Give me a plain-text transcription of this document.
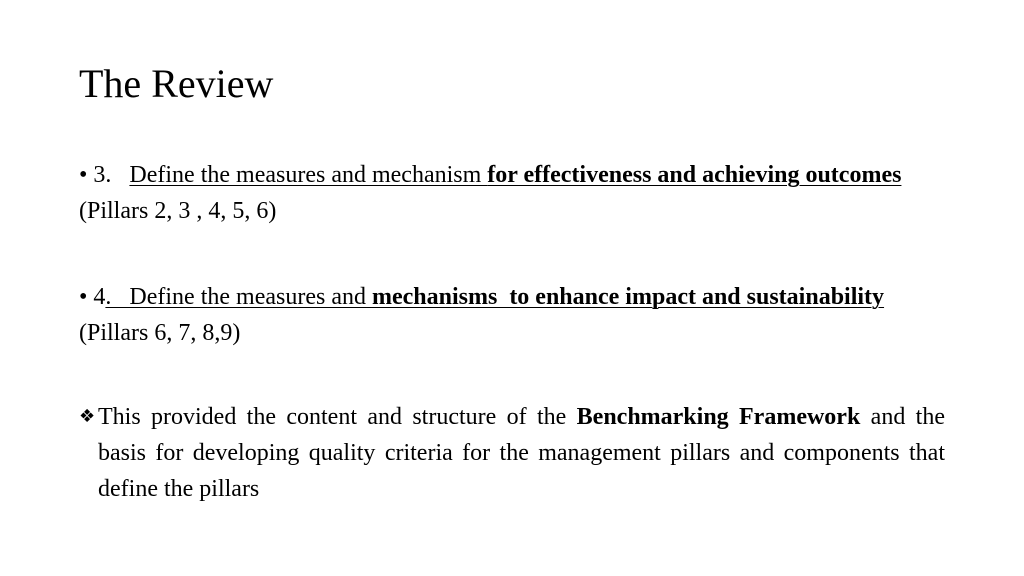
The Review

• 3. Define the measures and mechanism for effectiveness and achieving outcomes (Pillars 2, 3 , 4, 5, 6)

• 4.   Define the measures and mechanisms  to enhance impact and sustainability (Pillars 6, 7, 8,9)

❖ This provided the content and structure of the Benchmarking Framework and the basis for developing quality criteria for the management pillars and components that define the pillars
